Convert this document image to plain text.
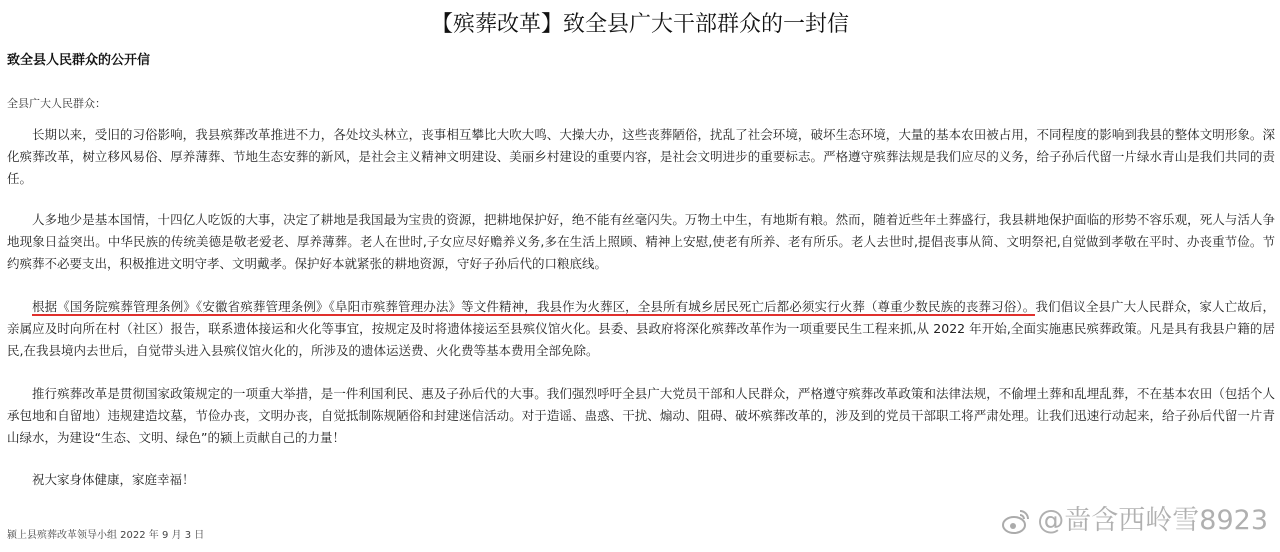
【殡葬改革】致全县广大干部群众的一封信
致全县人民群众的公开信
全县广大人民群众：

长期以来，受旧的习俗影响，我县殡葬改革推进不力，各处坟头林立，丧事相互攀比大吹大鸣、大操大办，这些丧葬陋俗，扰乱了社会环境，破坏生态环境，大量的基本农田被占用，不同程度的影响到我县的整体文明形象。深化殡葬改革，树立移风易俗、厚养薄葬、节地生态安葬的新风，是社会主义精神文明建设、美丽乡村建设的重要内容，是社会文明进步的重要标志。严格遵守殡葬法规是我们应尽的义务，给子孙后代留一片绿水青山是我们共同的责任。

人多地少是基本国情，十四亿人吃饭的大事，决定了耕地是我国最为宝贵的资源，把耕地保护好，绝不能有丝毫闪失。万物土中生，有地斯有粮。然而，随着近些年土葬盛行，我县耕地保护面临的形势不容乐观，死人与活人争地现象日益突出。中华民族的传统美德是敬老爱老、厚养薄葬。老人在世时,子女应尽好赡养义务,多在生活上照顾、精神上安慰,使老有所养、老有所乐。老人去世时,提倡丧事从简、文明祭祀,自觉做到孝敬在平时、办丧重节俭。节约殡葬不必要支出，积极推进文明守孝、文明戴孝。保护好本就紧张的耕地资源，守好子孙后代的口粮底线。

根据《国务院殡葬管理条例》《安徽省殡葬管理条例》《阜阳市殡葬管理办法》等文件精神，我县作为火葬区，全县所有城乡居民死亡后都必须实行火葬（尊重少数民族的丧葬习俗）。我们倡议全县广大人民群众，家人亡故后，亲属应及时向所在村（社区）报告，联系遗体接运和火化等事宜，按规定及时将遗体接运至县殡仪馆火化。县委、县政府将深化殡葬改革作为一项重要民生工程来抓,从 2022 年开始,全面实施惠民殡葬政策。凡是具有我县户籍的居民,在我县境内去世后，自觉带头进入县殡仪馆火化的，所涉及的遗体运送费、火化费等基本费用全部免除。

推行殡葬改革是贯彻国家政策规定的一项重大举措，是一件利国利民、惠及子孙后代的大事。我们强烈呼吁全县广大党员干部和人民群众，严格遵守殡葬改革政策和法律法规，不偷埋土葬和乱埋乱葬，不在基本农田（包括个人承包地和自留地）违规建造坟墓，节俭办丧，文明办丧，自觉抵制陈规陋俗和封建迷信活动。对于造谣、蛊惑、干扰、煽动、阻碍、破坏殡葬改革的，涉及到的党员干部职工将严肃处理。让我们迅速行动起来，给子孙后代留一片青山绿水，为建设“生态、文明、绿色”的颍上贡献自己的力量！

祝大家身体健康，家庭幸福！

颍上县殡葬改革领导小组 2022 年 9 月 3 日	@啬含西岭雪8923
